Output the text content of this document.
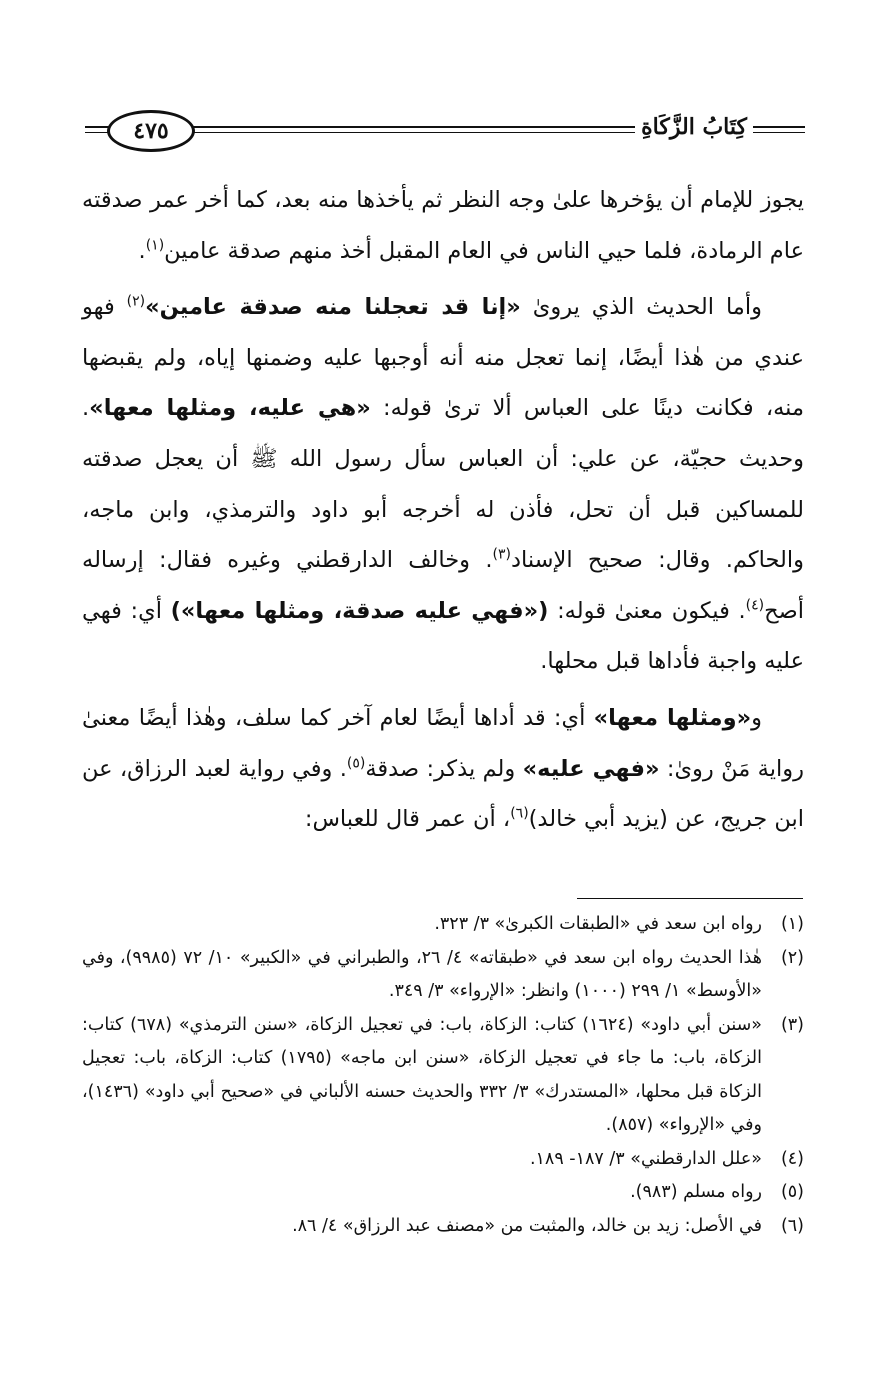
٤٧٥	كِتَابُ الزَّكَاةِ

يجوز للإمام أن يؤخرها علىٰ وجه النظر ثم يأخذها منه بعد، كما أخر عمر صدقته عام الرمادة، فلما حيي الناس في العام المقبل أخذ منهم صدقة عامين$^{(١)}$.

وأما الحديث الذي يرویٰ «إنا قد تعجلنا منه صدقة عامين»$^{(٢)}$ فهو عندي من هٰذا أيضًا، إنما تعجل منه أنه أوجبها عليه وضمنها إياه، ولم يقبضها منه، فكانت دينًا على العباس ألا ترىٰ قوله: «هي عليه، ومثلها معها». وحديث حجيّة، عن علي: أن العباس سأل رسول الله ﷺ أن يعجل صدقته للمساكين قبل أن تحل، فأذن له أخرجه أبو داود والترمذي، وابن ماجه، والحاكم. وقال: صحيح الإسناد$^{(٣)}$. وخالف الدارقطني وغيره فقال: إرساله أصح$^{(٤)}$. فيكون معنىٰ قوله: («فهي عليه صدقة، ومثلها معها») أي: فهي عليه واجبة فأداها قبل محلها.

و«ومثلها معها» أي: قد أداها أيضًا لعام آخر كما سلف، وهٰذا أيضًا معنىٰ رواية مَنْ روىٰ: «فهي عليه» ولم يذكر: صدقة$^{(٥)}$. وفي رواية لعبد الرزاق، عن ابن جريج، عن (يزيد أبي خالد)$^{(٦)}$، أن عمر قال للعباس:

(١)
رواه ابن سعد في «الطبقات الكبرىٰ» ٣/ ٣٢٣.
(٢)
هٰذا الحديث رواه ابن سعد في «طبقاته» ٤/ ٢٦، والطبراني في «الكبير» ١٠/ ٧٢ (٩٩٨٥)، وفي «الأوسط» ١/ ٢٩٩ (١٠٠٠) وانظر: «الإرواء» ٣/ ٣٤٩.
(٣)
«سنن أبي داود» (١٦٢٤) كتاب: الزكاة، باب: في تعجيل الزكاة، «سنن الترمذي» (٦٧٨) كتاب: الزكاة، باب: ما جاء في تعجيل الزكاة، «سنن ابن ماجه» (١٧٩٥) كتاب: الزكاة، باب: تعجيل الزكاة قبل محلها، «المستدرك» ٣/ ٣٣٢ والحديث حسنه الألباني في «صحيح أبي داود» (١٤٣٦)، وفي «الإرواء» (٨٥٧).
(٤)
«علل الدارقطني» ٣/ ١٨٧- ١٨٩.
(٥)
رواه مسلم (٩٨٣).
(٦)
في الأصل: زيد بن خالد، والمثبت من «مصنف عبد الرزاق» ٤/ ٨٦.
